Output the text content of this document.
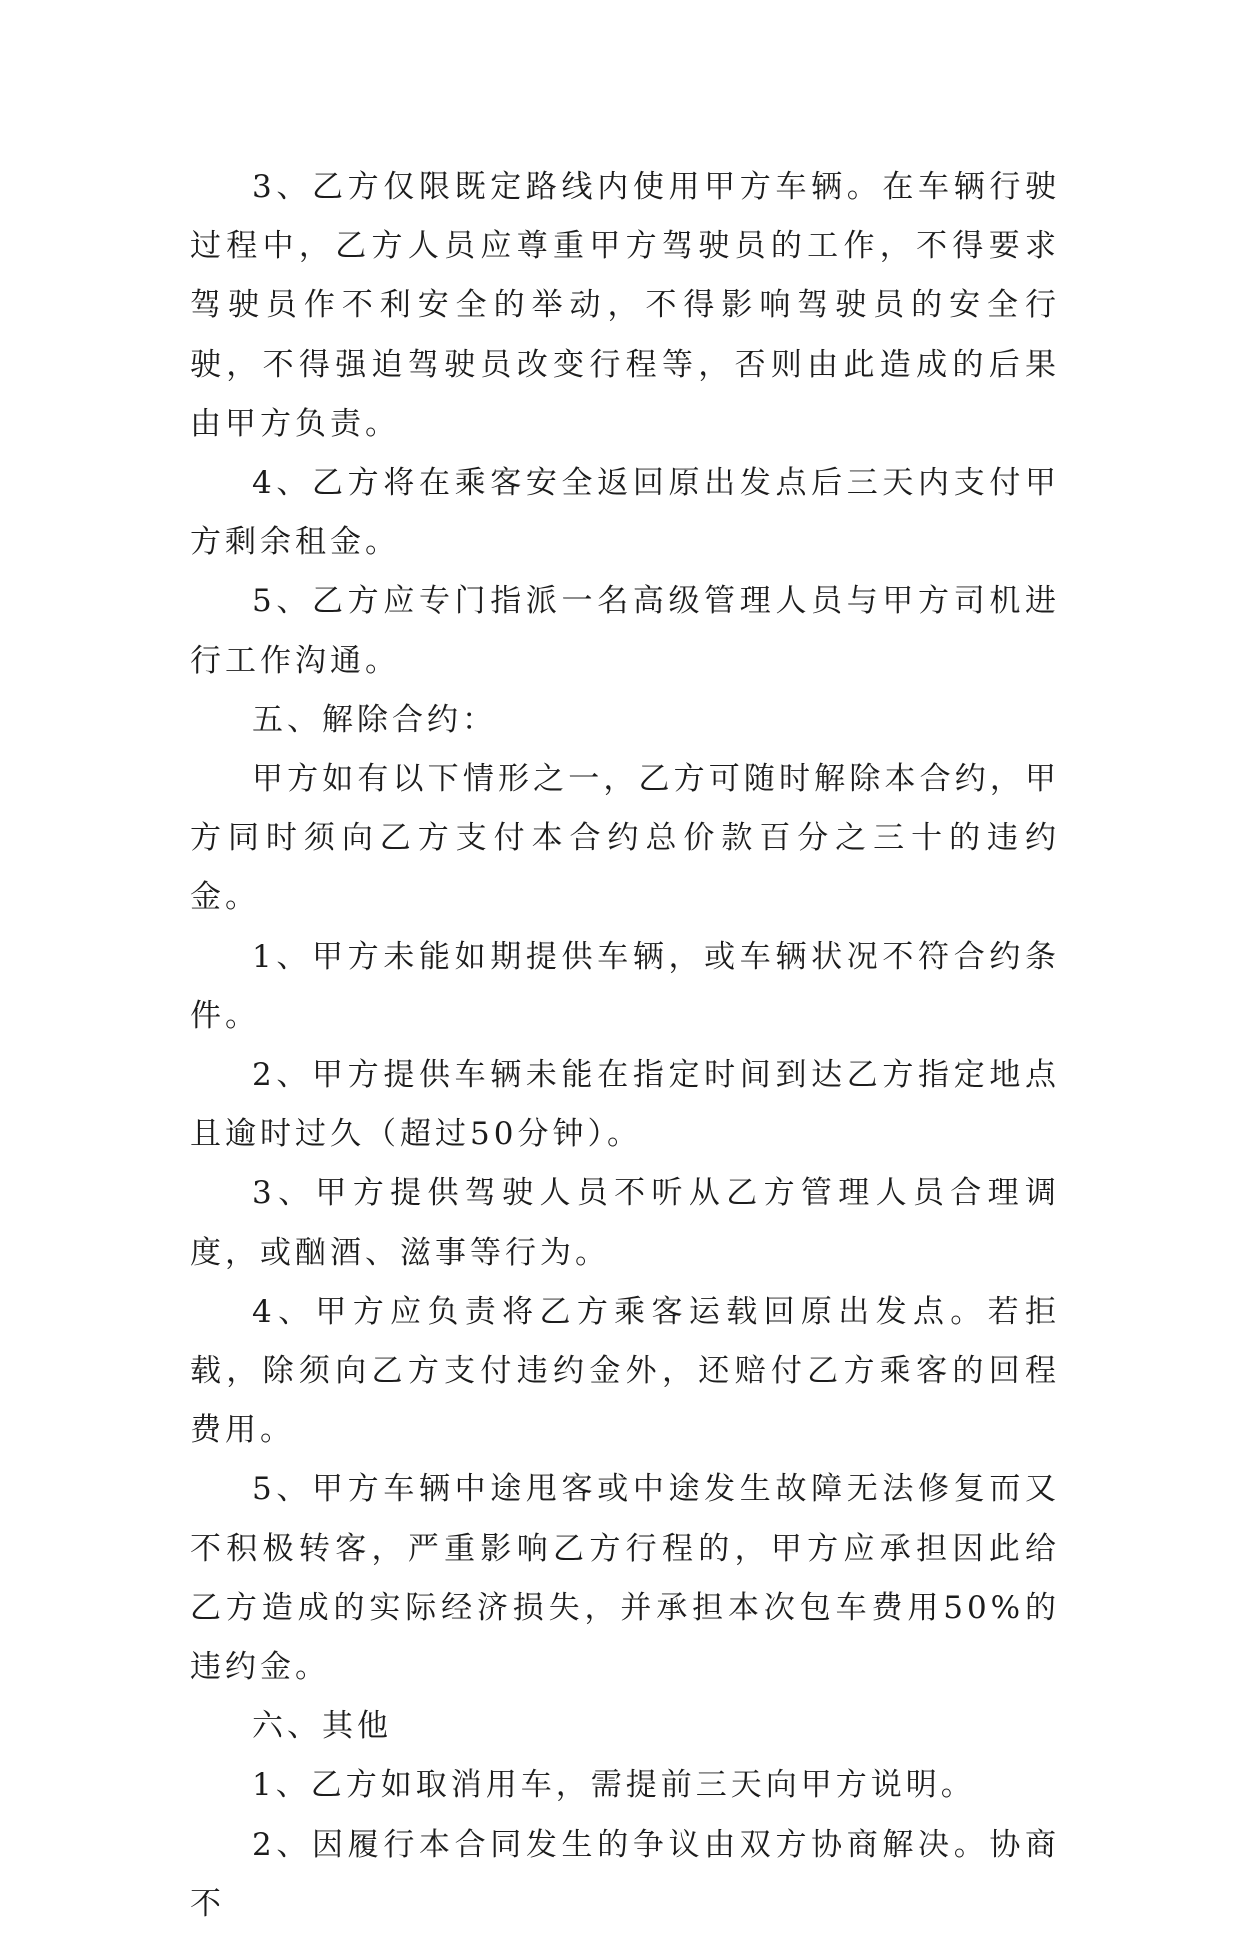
3、乙方仅限既定路线内使用甲方车辆。在车辆行驶过程中，乙方人员应尊重甲方驾驶员的工作，不得要求驾驶员作不利安全的举动，不得影响驾驶员的安全行驶，不得强迫驾驶员改变行程等，否则由此造成的后果由甲方负责。

4、乙方将在乘客安全返回原出发点后三天内支付甲方剩余租金。

5、乙方应专门指派一名高级管理人员与甲方司机进行工作沟通。

五、解除合约：

甲方如有以下情形之一，乙方可随时解除本合约，甲方同时须向乙方支付本合约总价款百分之三十的违约金。

1、甲方未能如期提供车辆，或车辆状况不符合约条件。

2、甲方提供车辆未能在指定时间到达乙方指定地点且逾时过久（超过50分钟）。

3、甲方提供驾驶人员不听从乙方管理人员合理调度，或酗酒、滋事等行为。

4、甲方应负责将乙方乘客运载回原出发点。若拒载，除须向乙方支付违约金外，还赔付乙方乘客的回程费用。

5、甲方车辆中途甩客或中途发生故障无法修复而又不积极转客，严重影响乙方行程的，甲方应承担因此给乙方造成的实际经济损失，并承担本次包车费用50%的违约金。

六、其他

1、乙方如取消用车，需提前三天向甲方说明。

2、因履行本合同发生的争议由双方协商解决。协商不
